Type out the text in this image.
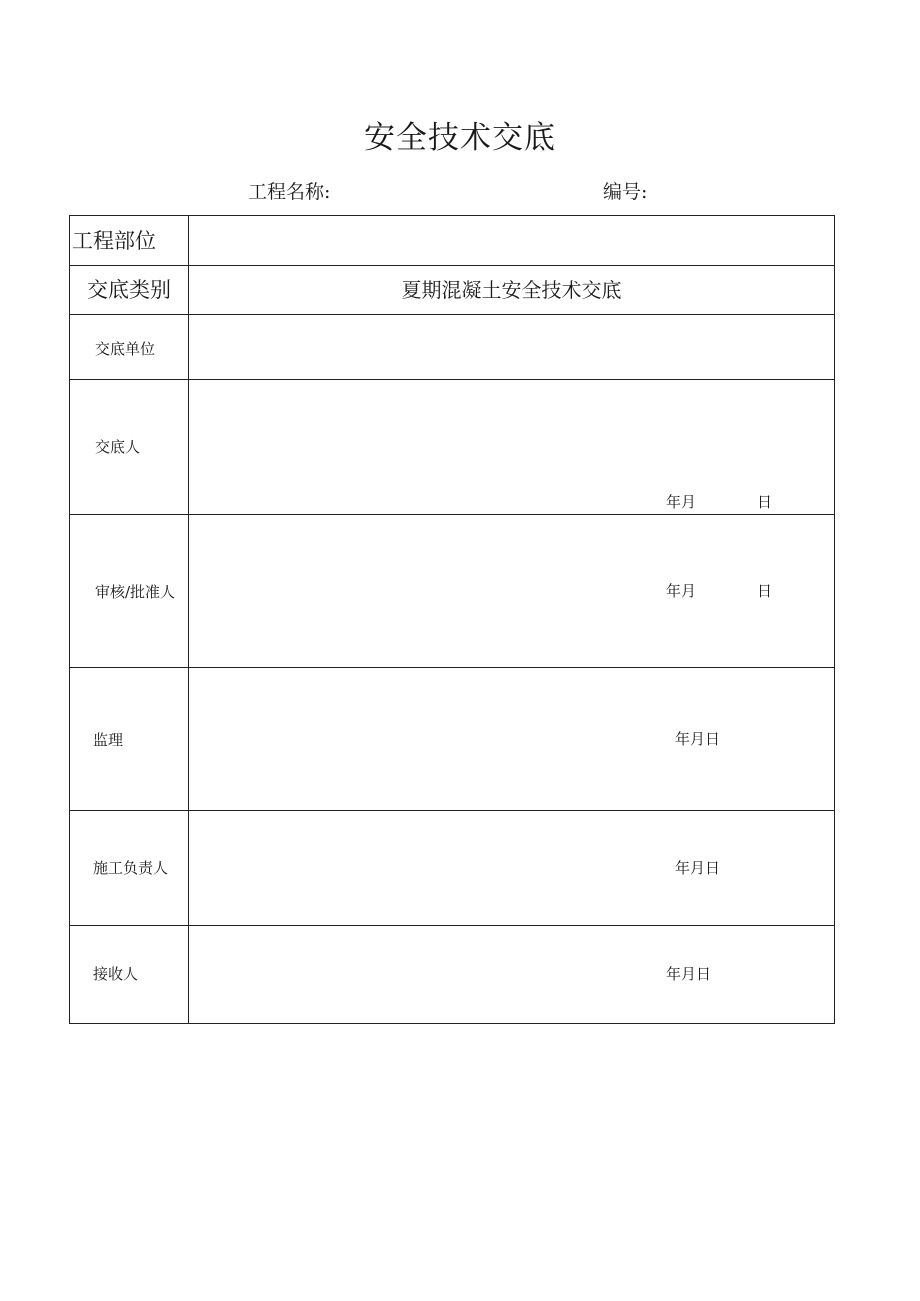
安全技术交底
工程名称:	编号:
工程部位	

交底类别	夏期混凝土安全技术交底

交底单位	

交底人	年月 日

审核/批准人	年月 日

监理	年月日

施工负责人	年月日

接收人	年月日
